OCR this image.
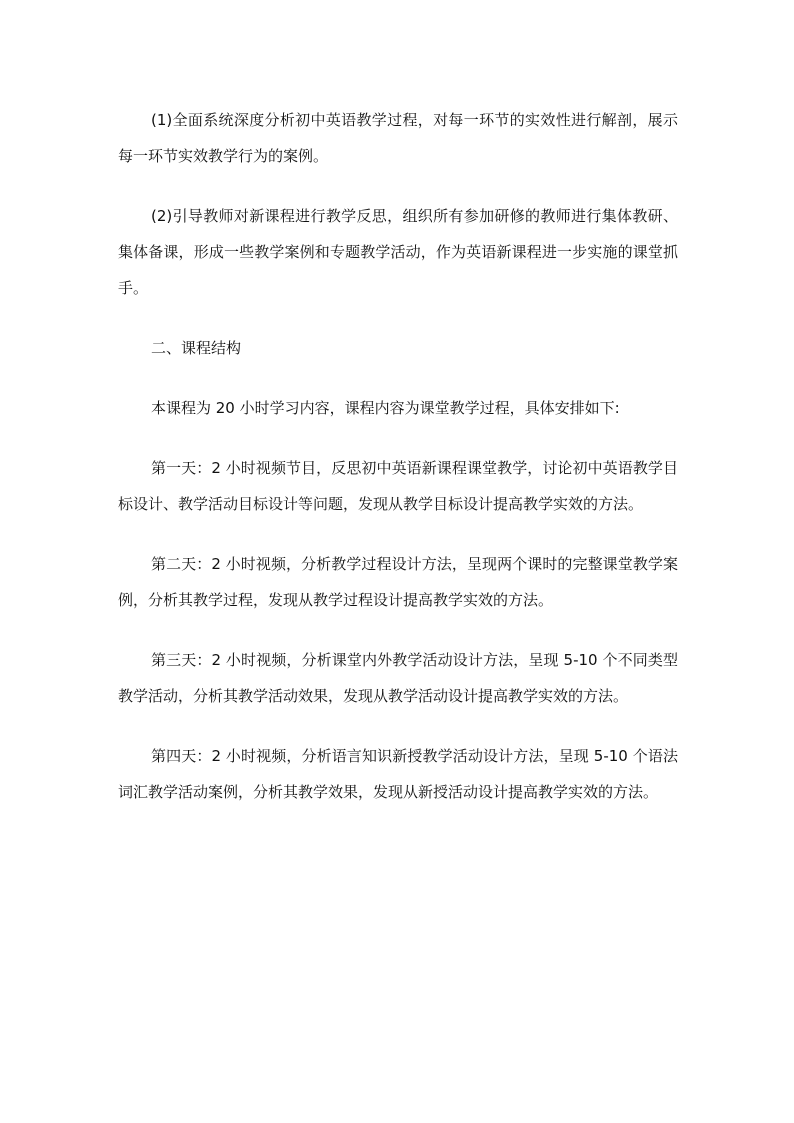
(1)全面系统深度分析初中英语教学过程，对每一环节的实效性进行解剖，展示每一环节实效教学行为的案例。

(2)引导教师对新课程进行教学反思，组织所有参加研修的教师进行集体教研、集体备课，形成一些教学案例和专题教学活动，作为英语新课程进一步实施的课堂抓手。

二、课程结构

本课程为 20 小时学习内容，课程内容为课堂教学过程，具体安排如下:

第一天：2 小时视频节目，反思初中英语新课程课堂教学，讨论初中英语教学目标设计、教学活动目标设计等问题，发现从教学目标设计提高教学实效的方法。

第二天：2 小时视频，分析教学过程设计方法，呈现两个课时的完整课堂教学案例，分析其教学过程，发现从教学过程设计提高教学实效的方法。

第三天：2 小时视频，分析课堂内外教学活动设计方法，呈现 5-10 个不同类型教学活动，分析其教学活动效果，发现从教学活动设计提高教学实效的方法。

第四天：2 小时视频，分析语言知识新授教学活动设计方法，呈现 5-10 个语法词汇教学活动案例，分析其教学效果，发现从新授活动设计提高教学实效的方法。
